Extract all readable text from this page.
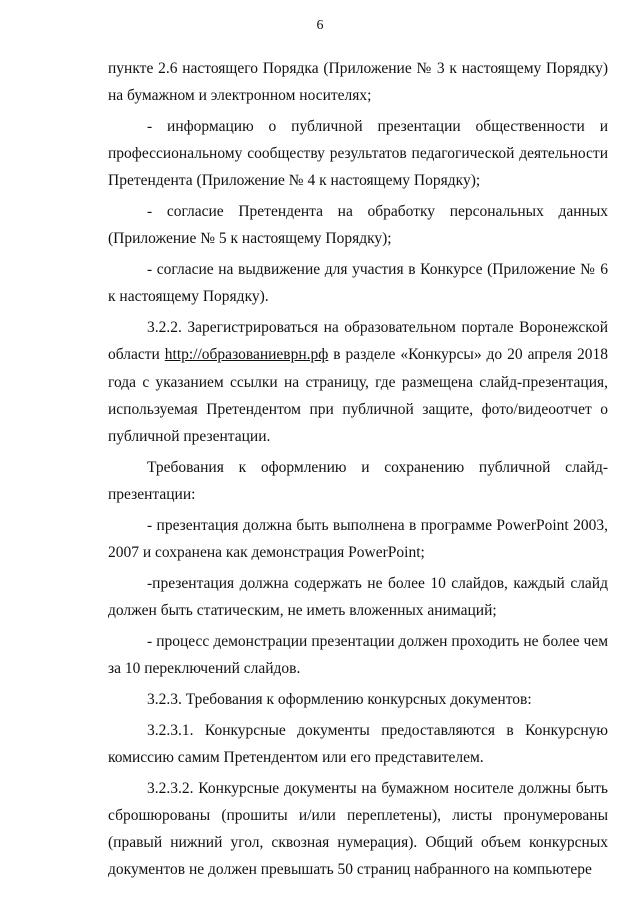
6

пункте 2.6 настоящего Порядка (Приложение № 3 к настоящему Порядку) на бумажном и электронном носителях;

- информацию о публичной презентации общественности и профессиональному сообществу результатов педагогической деятельности Претендента (Приложение № 4 к настоящему Порядку);

- согласие Претендента на обработку персональных данных (Приложение № 5 к настоящему Порядку);

- согласие на выдвижение для участия в Конкурсе (Приложение № 6 к настоящему Порядку).

3.2.2. Зарегистрироваться на образовательном портале Воронежской области http://образованиеврн.рф в разделе «Конкурсы» до 20 апреля 2018 года с указанием ссылки на страницу, где размещена слайд-презентация, используемая Претендентом при публичной защите, фото/видеоотчет о публичной презентации.

Требования к оформлению и сохранению публичной слайд-презентации:

- презентация должна быть выполнена в программе PowerPoint 2003, 2007 и сохранена как демонстрация PowerPoint;

-презентация должна содержать не более 10 слайдов, каждый слайд должен быть статическим, не иметь вложенных анимаций;

- процесс демонстрации презентации должен проходить не более чем за 10 переключений слайдов.

3.2.3. Требования к оформлению конкурсных документов:

3.2.3.1. Конкурсные документы предоставляются в Конкурсную комиссию самим Претендентом или его представителем.

3.2.3.2. Конкурсные документы на бумажном носителе должны быть сброшюрованы (прошиты и/или переплетены), листы пронумерованы (правый нижний угол, сквозная нумерация). Общий объем конкурсных документов не должен превышать 50 страниц набранного на компьютере
